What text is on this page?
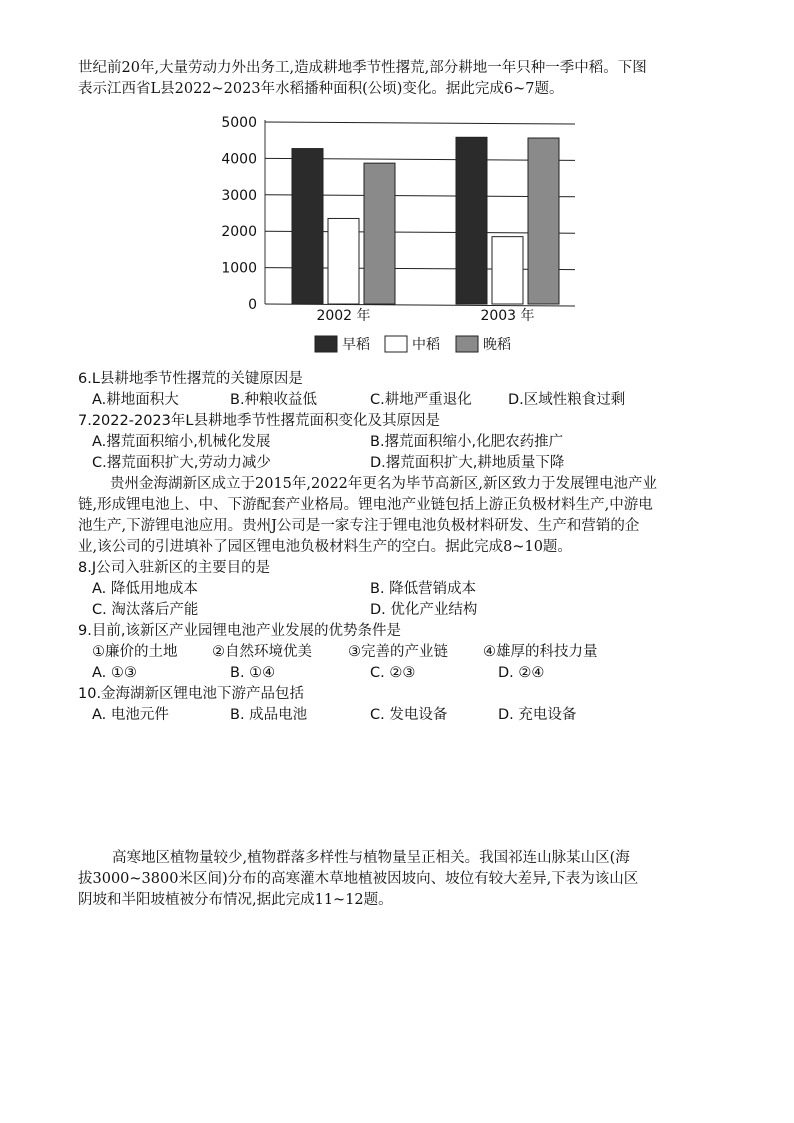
世纪前20年,大量劳动力外出务工,造成耕地季节性撂荒,部分耕地一年只种一季中稻。下图
表示江西省L县2022~2023年水稻播种面积(公顷)变化。据此完成6~7题。
0
1000
2000
3000
4000
5000
2002 年	2003 年
早稻	中稻	晚稻
6.L县耕地季节性撂荒的关键原因是
A.耕地面积大	B.种粮收益低	C.耕地严重退化	D.区域性粮食过剩
7.2022-2023年L县耕地季节性撂荒面积变化及其原因是
A.撂荒面积缩小,机械化发展	B.撂荒面积缩小,化肥农药推广
C.撂荒面积扩大,劳动力减少	D.撂荒面积扩大,耕地质量下降
贵州金海湖新区成立于2015年,2022年更名为毕节高新区,新区致力于发展锂电池产业
链,形成锂电池上、中、下游配套产业格局。锂电池产业链包括上游正负极材料生产,中游电
池生产,下游锂电池应用。贵州J公司是一家专注于锂电池负极材料研发、生产和营销的企
业,该公司的引进填补了园区锂电池负极材料生产的空白。据此完成8~10题。
8.J公司入驻新区的主要目的是
A. 降低用地成本	B. 降低营销成本
C. 淘汰落后产能	D. 优化产业结构
9.目前,该新区产业园锂电池产业发展的优势条件是
①廉价的土地 ②自然环境优美 ③完善的产业链 ④雄厚的科技力量
A. ①③	B. ①④	C. ②③	D. ②④
10.金海湖新区锂电池下游产品包括
A. 电池元件	B. 成品电池	C. 发电设备	D. 充电设备
高寒地区植物量较少,植物群落多样性与植物量呈正相关。我国祁连山脉某山区(海
拔3000~3800米区间)分布的高寒灌木草地植被因坡向、坡位有较大差异,下表为该山区
阴坡和半阳坡植被分布情况,据此完成11~12题。
